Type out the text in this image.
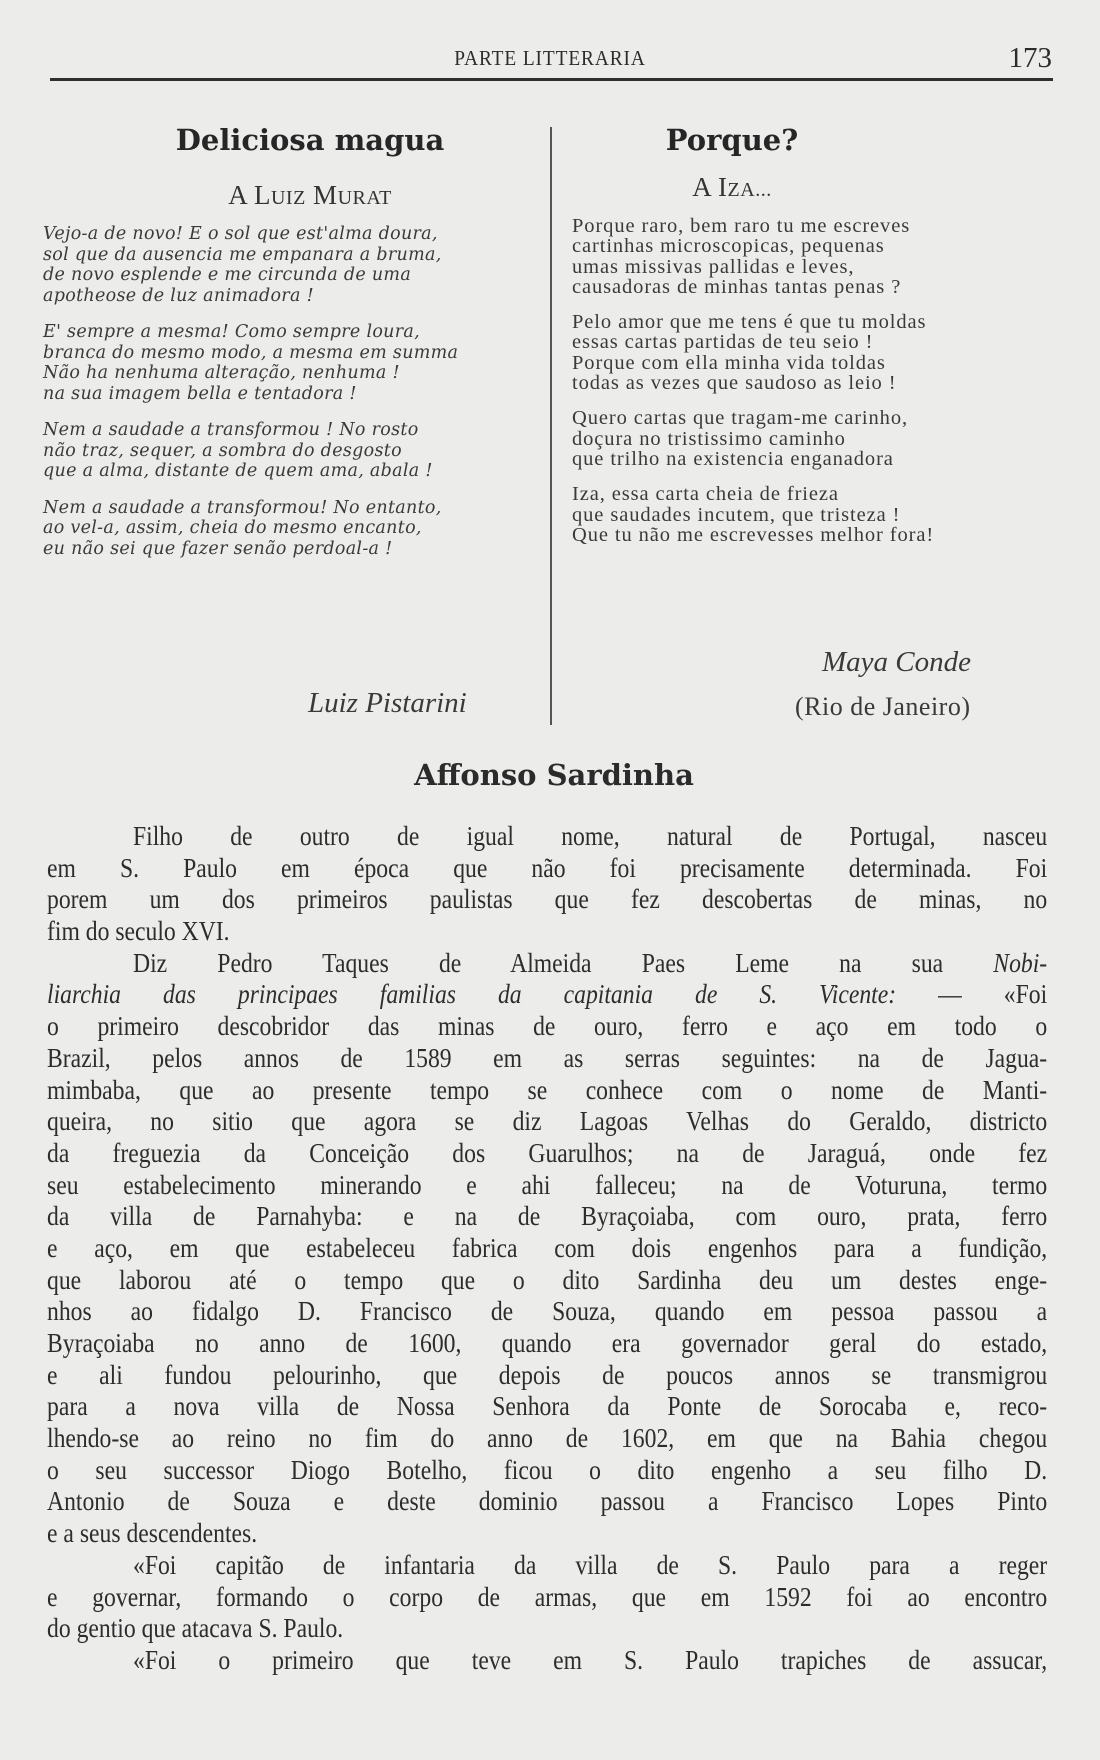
PARTE LITTERARIA	173
Deliciosa magua
A LUIZ MURAT
Vejo-a de novo! E o sol que est'alma doura,
sol que da ausencia me empanara a bruma,
de novo esplende e me circunda de uma
apotheose de luz animadora !
E' sempre a mesma! Como sempre loura,
branca do mesmo modo, a mesma em summa
Não ha nenhuma alteração, nenhuma !
na sua imagem bella e tentadora !
Nem a saudade a transformou ! No rosto
não traz, sequer, a sombra do desgosto
que a alma, distante de quem ama, abala !
Nem a saudade a transformou! No entanto,
ao vel-a, assim, cheia do mesmo encanto,
eu não sei que fazer senão perdoal-a !
Luiz Pistarini
Porque?
A IZA...
Porque raro, bem raro tu me escreves
cartinhas microscopicas, pequenas
umas missivas pallidas e leves,
causadoras de minhas tantas penas ?
Pelo amor que me tens é que tu moldas
essas cartas partidas de teu seio !
Porque com ella minha vida toldas
todas as vezes que saudoso as leio !
Quero cartas que tragam-me carinho,
doçura no tristissimo caminho
que trilho na existencia enganadora
Iza, essa carta cheia de frieza
que saudades incutem, que tristeza !
Que tu não me escrevesses melhor fora!
Maya Conde
(Rio de Janeiro)
Affonso Sardinha
Filho de outro de igual nome, natural de Portugal, nasceu
em S. Paulo em época que não foi precisamente determinada. Foi
porem um dos primeiros paulistas que fez descobertas de minas, no
fim do seculo XVI.
Diz Pedro Taques de Almeida Paes Leme na sua Nobi-
liarchia das principaes familias da capitania de S. Vicente: — «Foi
o primeiro descobridor das minas de ouro, ferro e aço em todo o
Brazil, pelos annos de 1589 em as serras seguintes: na de Jagua-
mimbaba, que ao presente tempo se conhece com o nome de Manti-
queira, no sitio que agora se diz Lagoas Velhas do Geraldo, districto
da freguezia da Conceição dos Guarulhos; na de Jaraguá, onde fez
seu estabelecimento minerando e ahi falleceu; na de Voturuna, termo
da villa de Parnahyba: e na de Byraçoiaba, com ouro, prata, ferro
e aço, em que estabeleceu fabrica com dois engenhos para a fundição,
que laborou até o tempo que o dito Sardinha deu um destes enge-
nhos ao fidalgo D. Francisco de Souza, quando em pessoa passou a
Byraçoiaba no anno de 1600, quando era governador geral do estado,
e ali fundou pelourinho, que depois de poucos annos se transmigrou
para a nova villa de Nossa Senhora da Ponte de Sorocaba e, reco-
lhendo-se ao reino no fim do anno de 1602, em que na Bahia chegou
o seu successor Diogo Botelho, ficou o dito engenho a seu filho D.
Antonio de Souza e deste dominio passou a Francisco Lopes Pinto
e a seus descendentes.
«Foi capitão de infantaria da villa de S. Paulo para a reger
e governar, formando o corpo de armas, que em 1592 foi ao encontro
do gentio que atacava S. Paulo.
«Foi o primeiro que teve em S. Paulo trapiches de assucar,
